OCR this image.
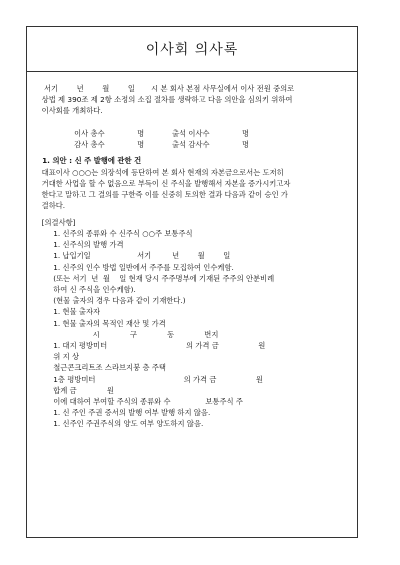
이사회 의사록
서기        년        월        일       시 본 회사 본점 사무실에서 이사 전원 중의로
상법 제 390조 제 2항 소정의 소집 절차를 생략하고 다음 의안을 심의키 위하여
이사회를 개최하다.
이사 총수              명            출석 이사수              명
감사 총수              명            출석 감사수              명
1. 의안 : 신 주 발행에 관한 건
대표이사 ○○○는 의장석에 등단하여 본 회사 현재의 자본금으로서는 도저히
거대한 사업을 할 수 없음으로 부득이 신 주식을 발행해서 자본을 증가시키고자
한다고 말하고 그 결의를 구한즉 이를 신중히 토의한 결과 다음과 같이 승인 가
결하다.
[의결사항]
1. 신주의 종류와 수 신주식 ○○주 보통주식
1. 신주식의 발행 가격
1. 납입기일                    서기         년        월        일
1. 신주의 인수 방법 일반에서 주주를 모집하여 인수케함.
(또는 서기  년  월    일 현재 당시 주주명부에 기재된 주주의 안분비례
하여 신 주식을 인수케함).
(현물 출자의 경우 다음과 같이 기재한다.)
1. 현물 출자자
1. 현물 출자의 목적인 재산 및 가격
시             구             동             번지
1. 대지 평방미터                                  의 가격 금                 원
위 지 상
철근콘크리트조 스라브지붕 층 주택
1층 평방미터                                      의 가격 금                 원
합계 금             원
이에 대하여 부여할 주식의 종류와 수               보통주식 주
1. 신 주인 주권 증서의 발행 여부 발행 하지 않음.
1. 신주인 주권주식의 양도 여부 양도하지 않음.
